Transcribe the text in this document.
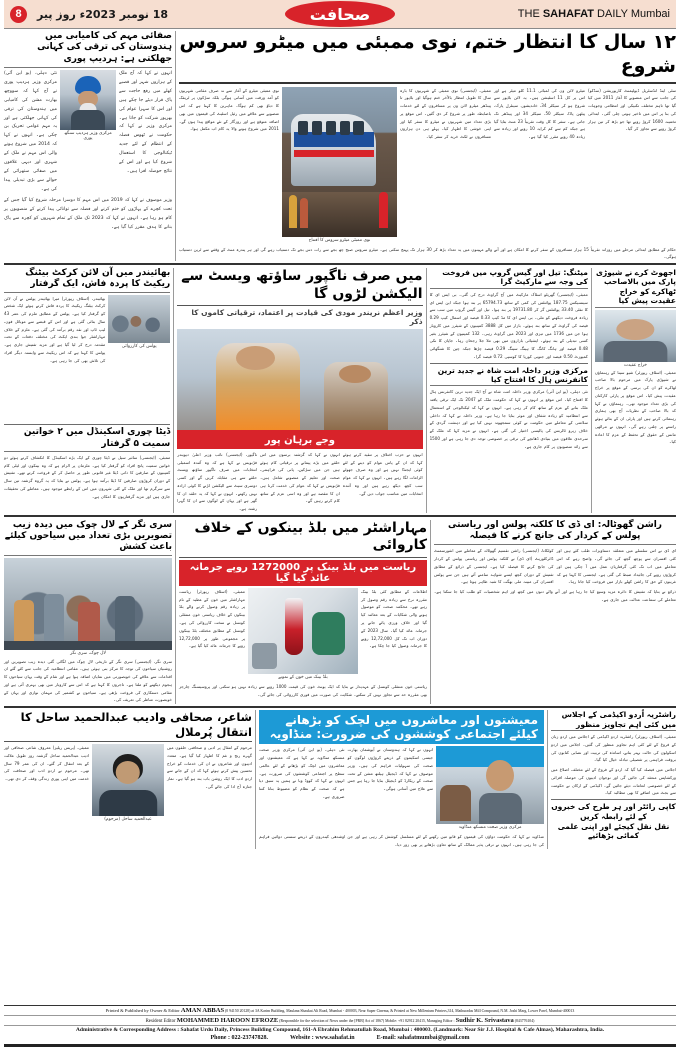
8	18 نومبر 2023ء روز پیر	صحافت	THE SAHAFAT DAILY Mumbai
صفائی مہم کی کامیابی میں ہندوستان کی ترقی کی کہانی جھلکتی ہے: ہردیپ پوری
نئی دہلی، (یو این آئی) مرکزی وزیر ہردیپ پوری نے آج کہا کہ سووچھ بھارت مشن کی کامیابی میں ہندوستان کی ترقی کی کہانی جھلکتی ہے اور یہ مہم عوامی تحریک بن چکی ہے۔ انہوں نے کہا کہ 2014 میں شروع ہونے والی اس مہم نے ملک کے شہری اور دیہی علاقوں میں صفائی ستھرائی کے حوالے سے بڑی تبدیلی پیدا کی ہے۔
مرکزی وزیر ہردیپ سنگھ پوری
انہوں نے کہا کہ آج ملک کے ہزاروں شہر اور قصبے کھلے میں رفع حاجت سے پاک قرار دیئے جا چکے ہیں اور اس کا سہرا عوام کی بھرپور شرکت کو جاتا ہے۔ مرکزی وزیر نے کہا کہ حکومت نے ٹھوس فضلہ کے انتظام کے لئے جدید ٹیکنالوجی کا استعمال شروع کیا ہے اور اس کے نتائج حوصلہ افزا ہیں۔
وزیر موصوف نے کہا کہ 2019 میں اس مہم کا دوسرا مرحلہ شروع کیا گیا جس کے تحت کچرے کے پہاڑوں کو ختم کرنے اور فضلہ سے توانائی پیدا کرنے کے منصوبوں پر کام ہو رہا ہے۔ انہوں نے کہا کہ 2023 تک ملک کے تمام شہروں کو کچرہ سے پاک بنانے کا ہدف مقرر کیا گیا ہے۔
۱۲ سال کا انتظار ختم، نوی ممبئی میں میٹرو سروس شروع
نوی ممبئی میٹرو کے آغاز سے نہ صرف مقامی شہریوں کو آمد ورفت میں آسانی ہوگی بلکہ سڑکوں پر ٹریفک کا دباؤ بھی کم ہوگا۔ ماہرین کا کہنا ہے کہ اس منصوبے سے علاقے میں رئیل اسٹیٹ کی قیمتوں میں بھی اضافہ متوقع ہے اور روزگار کے نئے مواقع پیدا ہوں گے۔ 2011 میں شروع ہونے والا یہ کام اب مکمل ہوا۔
نوی ممبئی میٹرو سروس کا افتتاح
ممبئی، (ایجنسی) نوی ممبئی کے شہریوں کا بارہ سال کا طویل انتظار بالآخر ختم ہوگیا اور بلاپور تا پینڈھر میٹرو لائن ون پر مسافروں کے لئے خدمات باضابطہ طور پر شروع کر دی گئیں۔ اس موقع پر بڑی تعداد میں شہریوں نے میٹرو کا سفر کیا اور اپنی خوشی کا اظہار کیا۔ پہلے ہی دن ہزاروں مسافروں نے ٹکٹ خرید کر سفر کیا۔
میٹرو لائن ون کی لمبائی 11.1 کلو میٹر ہے اور اس پر کل 11 اسٹیشن ہیں۔ یہ لائن بلاپور سے شروع ہو کر سیکٹر 34، خاندیشور، سینٹرل پارک، پیٹھن پاڈا، سیکٹر 50، سیکٹر 34 اور پینڈھر تک جاتی ہے۔ سفر کا کل وقت تقریباً 23 منٹ بتایا گیا ہے جبکہ کم سے کم کرایہ 10 روپے اور زیادہ سے زیادہ 40 روپے مقرر کیا گیا ہے۔
سٹی اینڈ انڈسٹریل ڈیولپمنٹ کارپوریشن (سڈکو) کی جانب سے اس منصوبے کا آغاز 2011 میں کیا گیا تھا تاہم مختلف تکنیکی اور انتظامی وجوہات کی بنا پر اس میں تاخیر ہوتی چلی گئی۔ ابتدائی تخمینہ 1600 کروڑ روپے تھا جو بڑھ کر تین ہزار کروڑ روپے سے تجاوز کر گیا۔
حکام کے مطابق ابتدائی مرحلے میں روزانہ تقریباً 15 ہزار مسافروں کے سفر کرنے کا امکان ہے اور آنے والے مہینوں میں یہ تعداد بڑھ کر 30 ہزار تک پہنچ سکتی ہے۔ میٹرو سروس صبح چھ بجے سے رات دس بجے تک دستیاب رہے گی اور ہر پندرہ منٹ کے وقفے سے ٹرین دستیاب ہوگی۔
بھائیندر میں آن لائن کرکٹ بیٹنگ ریکیٹ کا پردہ فاش، ایک گرفتار
بھائیندر، (اسٹاف رپورٹر) میرا بھائیندر پولس نے آن لائن کرکٹ بیٹنگ ریکیٹ کا پردہ فاش کرتے ہوئے ایک شخص کو گرفتار کیا ہے۔ پولس کے مطابق ملزم کی عمر 43 سال بتائی گئی ہے اور اس کے قبضے سے موبائل فون، لیپ ٹاپ اور نقد رقم برآمد کی گئی ہے۔ ملزم کے خلاف مہاراشٹر جوا بندی ایکٹ کی مختلف دفعات کے تحت مقدمہ درج کر لیا گیا ہے اور مزید تفتیش جاری ہے۔ پولس کا کہنا ہے کہ اس ریکیٹ سے وابستہ دیگر افراد کی تلاش بھی کی جا رہی ہے۔
پولس کی کارروائی
ڈیٹا چوری اسکینڈل میں ۲ خواتین سمیت ۵ گرفتار
ممبئی، (ایجنسی) سائبر سیل نے ڈیٹا چوری کے ایک بڑے اسکینڈل کا انکشاف کرتے ہوئے دو خواتین سمیت پانچ افراد کو گرفتار کیا ہے۔ ملزمان پر الزام ہے کہ وہ بینکوں اور ٹیلی کام کمپنیوں کے صارفین کا ذاتی ڈیٹا غیر قانونی طور پر حاصل کر کے فروخت کرتے تھے۔ تفتیش کے دوران کروڑوں صارفین کا ڈیٹا برآمد ہوا ہے۔ پولس نے بتایا کہ یہ گروہ گزشتہ تین سال سے سرگرم تھا اور ملک کے کئی شہروں میں اس کے رابطے موجود ہیں۔ معاملے کی تحقیقات جاری ہیں اور مزید گرفتاریوں کا امکان ہے۔
میں صرف ناگپور ساؤتھ ویسٹ سے الیکشن لڑوں گا
وزیر اعظم نریندر مودی کی قیادت پر اعتماد، ترقیاتی کاموں کا ذکر
وجے برہان پور
ناگپور، (ایجنسی) نائب وزیر اعلیٰ دیویندر فڑنویس نے کہا ہے کہ وہ آئندہ اسمبلی انتخابات میں صرف ناگپور ساؤتھ ویسٹ حلقے سے ہی مقابلہ کریں گے اور کسی دوسری سیٹ سے الیکشن لڑنے کا کوئی ارادہ نہیں رکھتے۔ انہوں نے کہا کہ یہ حلقہ ان کا گھر ہے اور یہاں کے لوگوں سے ان کا گہرا رشتہ ہے۔
انہوں نے کہا کہ گزشتہ برسوں میں اس حلقے میں بڑے پیمانے پر ترقیاتی کام ہوئے ہیں جن میں سڑکیں، پانی کی فراہمی، صحت اور تعلیم کے منصوبے شامل ہیں۔ فڑنویس نے کہا کہ عوام کی خدمت کرنا ہی ان کا مقصد ہے اور وہ اسی عزم کے ساتھ کام کرتے رہیں گے۔
انہوں نے حزب اختلاف پر تنقید کرتے ہوئے کہا کہ ان کے پاس عوام کو دینے کے لئے کوئی ایجنڈا نہیں ہے اور وہ صرف جھوٹے الزامات لگا رہے ہیں۔ انہوں نے کہا کہ عوام سب کچھ دیکھ رہے ہیں اور وہ آئندہ انتخابات میں مناسب جواب دیں گے۔
میٹنگ: تیل اور گیس گروپ میں فروخت کی وجہ سے مارکیٹ گرا
ممبئی، (ایجنسی) گھریلو اسٹاک مارکیٹ میں آج گراوٹ درج کی گئی۔ بی ایس ای کا سینسیکس 187.75 پوائنٹس کی کمی کے ساتھ 65794.73 پر بند ہوا جبکہ این ایس ای کا نفٹی 33.40 پوائنٹس گر کر 19731.80 پر بند ہوا۔ تیل اور گیس گروپ میں سب سے زیادہ فروخت دیکھنے کو ملی۔ بی ایس ای کا مڈ کیپ 0.33 فیصد اور اسمال کیپ 0.29 فیصد کی گراوٹ کے ساتھ بند ہوئے۔ بازار میں کل 3888 کمپنیوں کے شیئرز میں کاروبار ہوا جن میں 1736 میں تیزی اور 2023 میں گراوٹ رہی۔ 132 کمپنیوں کے شیئرز بغیر کسی تبدیلی کے بند ہوئے۔ ایشیائی بازاروں میں بھی ملا جلا رجحان رہا۔ جاپان کا نکی 0.48 فیصد اور ہانگ کانگ کا ہینگ سینگ 0.29 فیصد چڑھا جبکہ چین کا شنگھائی کمپوزٹ 0.50 فیصد اور جنوبی کوریا کا کوسپی 0.72 فیصد گرا۔
مرکزی وزیر داخلہ امت شاہ نے جدید ترین کانفرنس ہال کا افتتاح کیا
نئی دہلی، (یو این آئی) مرکزی وزیر داخلہ امت شاہ نے آج ایک جدید ترین کانفرنس ہال کا افتتاح کیا۔ اس موقع پر انہوں نے کہا کہ حکومت ملک کو 2047 تک ایک ترقی یافتہ ملک بنانے کے عزم کے ساتھ کام کر رہی ہے۔ انہوں نے کہا کہ ٹیکنالوجی کے استعمال سے انتظامیہ کو زیادہ شفاف اور موثر بنایا جا رہا ہے۔ وزیر داخلہ نے کہا کہ داخلی سلامتی کے معاملے میں حکومت نے کوئی سمجھوتہ نہیں کیا ہے اور دہشت گردی کے خلاف زیرو ٹالرنس کی پالیسی اختیار کی گئی ہے۔ انہوں نے مزید کہا کہ ملک کے سرحدی علاقوں میں بنیادی ڈھانچے کی ترقی پر خصوصی توجہ دی جا رہی ہے اور 1500 سے زائد منصوبوں پر کام جاری ہے۔
اجھوٹ کرے نے شیوڑی پارک میں بالاصاحب ٹھاکرے کو خراج عقیدت پیش کیا
خراج عقیدت
ممبئی، (اسٹاف رپورٹر) شیو سینا کے رہنماؤں نے شیوڑی پارک میں مرحوم بالا صاحب ٹھاکرے کو ان کی برسی کے موقع پر خراج عقیدت پیش کیا۔ اس موقع پر پارٹی کارکنان کی بڑی تعداد موجود تھی۔ رہنماؤں نے کہا کہ بالا صاحب کے نظریات آج بھی ہماری رہنمائی کرتے ہیں اور پارٹی ان کے بتائے ہوئے راستے پر چلتی رہے گی۔ انہوں نے مراٹھی مانس کے حقوق کے تحفظ کے عزم کا اعادہ کیا۔
سری نگر کے لال چوک میں دیدہ زیب تصویریں بڑی تعداد میں سیاحوں کیلئے باعث کشش
لال چوک، سری نگر
سری نگر، (ایجنسی) سری نگر کے تاریخی لال چوک میں لگائی گئی دیدہ زیب تصویریں اور روشنیاں سیاحوں کی توجہ کا مرکز بنی ہوئی ہیں۔ مقامی انتظامیہ کی جانب سے کئے گئے ان اقدامات سے علاقے کی خوبصورتی میں نمایاں اضافہ ہوا ہے اور شام کے وقت یہاں سیاحوں کا ہجوم دیکھنے کو ملتا ہے۔ تاجروں کا کہنا ہے کہ اس سے کاروبار میں بھی بہتری آئی ہے اور مقامی دستکاری کی فروخت بڑھی ہے۔ سیاحوں نے کشمیر کی مہمان نوازی اور یہاں کے خوبصورت مناظر کی تعریف کی۔
مہاراشٹر میں بلڈ بینکوں کے خلاف کاروائی
ریاست میں بلڈ بینک پر 1272000 روپے جرمانہ عائد کیا گیا
ممبئی، (اسٹاف رپورٹر) ریاست مہاراشٹر میں خون کے عطیہ کے نام پر زیادہ رقم وصول کرنے والے بلڈ بینکوں کے خلاف ریاستی خون منتقلی کونسل نے سخت کارروائی کی ہے۔ کونسل کے مطابق مختلف بلڈ بینکوں پر مجموعی طور پر 12,72,000 روپے کا جرمانہ عائد کیا گیا ہے۔
بلڈ بینک میں خون کے نمونے
اطلاعات کے مطابق کئی بلڈ بینک مقررہ نرخ سے زیادہ رقم وصول کر رہے تھے۔ محکمہ صحت کو موصول ہونے والی شکایات کے بعد معائنہ کیا گیا اور خلاف ورزی پائے جانے پر جرمانہ عائد کیا گیا۔ سال 2023 کے دوران اب تک کل 12,72,000 روپے کا جرمانہ وصول کیا جا چکا ہے۔
ریاستی خون منتقلی کونسل کے عہدیدار نے بتایا کہ ایک یونٹ خون کی قیمت 1000 روپے سے زیادہ نہیں ہو سکتی اور پروسیسنگ چارجز بھی مقررہ حد سے تجاوز نہیں کر سکتے۔ شکایت کی صورت میں فوری کارروائی کی جائے گی۔
راشن گھوٹالہ: ای ڈی کا کلکتہ پولس اور ریاستی پولس کے کردار کی جانچ کرنے کا فیصلہ
کولکاتا، (ایجنسی) راشن تقسیم گھوٹالہ کے معاملے میں انفورسمنٹ ڈائرکٹوریٹ (ای ڈی) نے کلکتہ پولس اور ریاستی پولس کے کردار کی جانچ کرنے کا فیصلہ کیا ہے۔ ایجنسی کے ذرائع کے مطابق تفتیش کے دوران کچھ ایسے شواہد سامنے آئے ہیں جن سے پولس افسران کی مبینہ ملی بھگت کا شبہ ظاہر ہوتا ہے۔
ای ڈی نے اس سلسلے میں متعلقہ دستاویزات طلب کئے ہیں اور کئی افسران سے پوچھ گچھ کی جائے گی۔ واضح رہے کہ اس معاملے میں اب تک کئی گرفتاریاں عمل میں آ چکی ہیں اور کروڑوں روپے کی جائیداد ضبط کی گئی ہے۔ ایجنسی کا کہنا ہے کہ غریبوں کے حق کا راشن کھلے بازار میں فروخت کیا جاتا رہا۔
ذرائع نے بتایا کہ تفتیش کا دائرہ مزید وسیع کیا جا رہا ہے اور آنے والے دنوں میں کچھ اور اہم شخصیات کو طلب کیا جا سکتا ہے۔ معاملے کی سماعت عدالت میں جاری ہے۔
شاعر، صحافی وادیب عبدالحمید ساحل کا انتقال پُرملال
ممبئی، (پریس ریلیز) معروف شاعر، صحافی اور ادیب عبدالحمید ساحل گزشتہ روز طویل علالت کے بعد انتقال کر گئے۔ ان کی عمر 79 سال تھی۔ مرحوم نے اردو ادب اور صحافت کی خدمت میں اپنی پوری زندگی وقف کر دی تھی۔
عبدالحمید ساحل (مرحوم)
مرحوم کے انتقال پر ادبی و صحافتی حلقوں میں گہرے رنج و غم کا اظہار کیا گیا ہے۔ متعدد ادیبوں اور شاعروں نے ان کی خدمات کو خراج تحسین پیش کرتے ہوئے کہا کہ ان کے جانے سے اردو ادب کا ایک روشن باب بند ہو گیا ہے۔ نماز جنازہ آج ادا کی جائے گی۔
معیشتوں اور معاشروں میں لچک کو بڑھانے کیلئے اجتماعی کوششوں کی ضرورت: منڈاویہ
نئی دہلی، (یو این آئی) مرکزی وزیر صحت منسکھ منڈاویہ نے کہا ہے کہ معیشتوں اور معاشروں میں لچک کو بڑھانے کے لئے عالمی سطح پر اجتماعی کوششوں کی ضرورت ہے۔ انہوں نے کہا کہ کووڈ وبا نے ہمیں یہ سبق دیا ہے کہ صحت کے نظام کو مضبوط بنانا کتنا ضروری ہے۔
انہوں نے کہا کہ ہندوستان نے آیوشمان بھارت جیسی اسکیموں کے ذریعے کروڑوں لوگوں کو صحت کی سہولیات فراہم کی ہیں۔ وزیر موصوف نے کہا کہ ڈیجیٹل ہیلتھ مشن کے تحت صحت کے ریکارڈ کو ڈیجیٹل بنایا جا رہا ہے جس سے علاج میں آسانی ہوگی۔
مرکزی وزیر صحت منسکھ منڈاویہ
منڈاویہ نے کہا کہ حکومت دواؤں کی قیمتوں کو قابو میں رکھنے کے لئے مسلسل کوشش کر رہی ہے اور جن اوشدھی کیندروں کے ذریعے سستی دوائیں فراہم کی جا رہی ہیں۔ انہوں نے ترقی پذیر ممالک کے ساتھ تعاون بڑھانے پر بھی زور دیا۔
راشٹریہ اُردو اکیڈمی کے اجلاس میں کئی اہم تجاویز منظور
ممبئی، (اسٹاف رپورٹر) راشٹریہ اردو اکیڈمی کے اجلاس میں اردو زبان کے فروغ کے لئے کئی اہم تجاویز منظور کی گئیں۔ اجلاس میں اردو اسکولوں کی حالت بہتر بنانے، اساتذہ کی تربیت اور نصابی کتابوں کی بروقت فراہمی پر تفصیلی تبادلہ خیال کیا گیا۔
اجلاس میں فیصلہ کیا گیا کہ اردو کے فروغ کے لئے مختلف اضلاع میں ورکشاپس منعقد کی جائیں گی اور نوجوان ادیبوں کی حوصلہ افزائی کے لئے خصوصی انعامات دیئے جائیں گے۔ اکیڈمی کے ارکان نے حکومت سے بجٹ میں اضافے کا بھی مطالبہ کیا۔
کاپی رائٹر اور ہر طرح کی خبروں کے لئے رابطہ کریں
نقل نقل کیجئے اور اپنی علمی کمائی بڑھائیے
Printed & Published by Owner & Editor AMAN ABBAS (0 94150 20128) at 3A Karim Building, Maulana Shaukat Ali Road, Mumbai - 400003, Near Super Cinema, & Printed at New Millenium Printers,314, Mathuradas Mill Compound, N.M. Joshi Marg, Lower Parel, Mumbai-400013
Resident Editor MOHAMMED HAROON EFROZE (Responsible for the selection of News under the [PRB] Act of 1867) Mobile: +91 82912 20415, Managing Editor : Sudhir K. Srivastava (843776104)
Administrative & Corresponding Address : Sahafat Urdu Daily, Princess Building Compound, 161-A Ebrahim Rehmatullah Road, Mumbai : 400003. (Landmark: Near Sir J.J. Hospital & Cafe Almas), Maharashtra, India.
Phone : 022-23747828.	Website : www.sahafat.in	E-mail: sahafatmumbai@gmail.com
